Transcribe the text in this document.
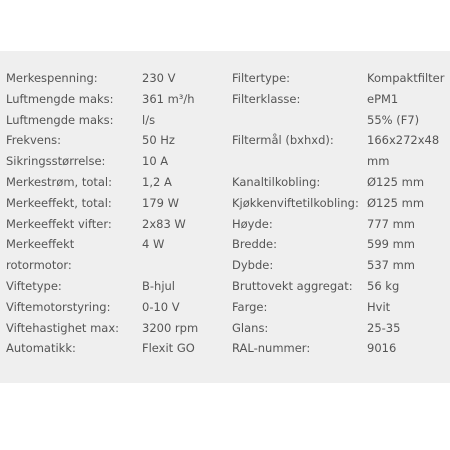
Merkespenning:
Luftmengde maks:
Luftmengde maks:
Frekvens:
Sikringsstørrelse:
Merkestrøm, total:
Merkeeffekt, total:
Merkeeffekt vifter:
Merkeeffekt
rotormotor:
Viftetype:
Viftemotorstyring:
Viftehastighet max:
Automatikk:
230 V
361 m³/h
l/s
50 Hz
10 A
1,2 A
179 W
2x83 W
4 W
B-hjul
0-10 V
3200 rpm
Flexit GO
Filtertype:
Filterklasse:
Filtermål (bxhxd):
Kanaltilkobling:
Kjøkkenviftetilkobling:
Høyde:
Bredde:
Dybde:
Bruttovekt aggregat:
Farge:
Glans:
RAL-nummer:
Kompaktfilter
ePM1
55% (F7)
166x272x48
mm
Ø125 mm
Ø125 mm
777 mm
599 mm
537 mm
56 kg
Hvit
25-35
9016
